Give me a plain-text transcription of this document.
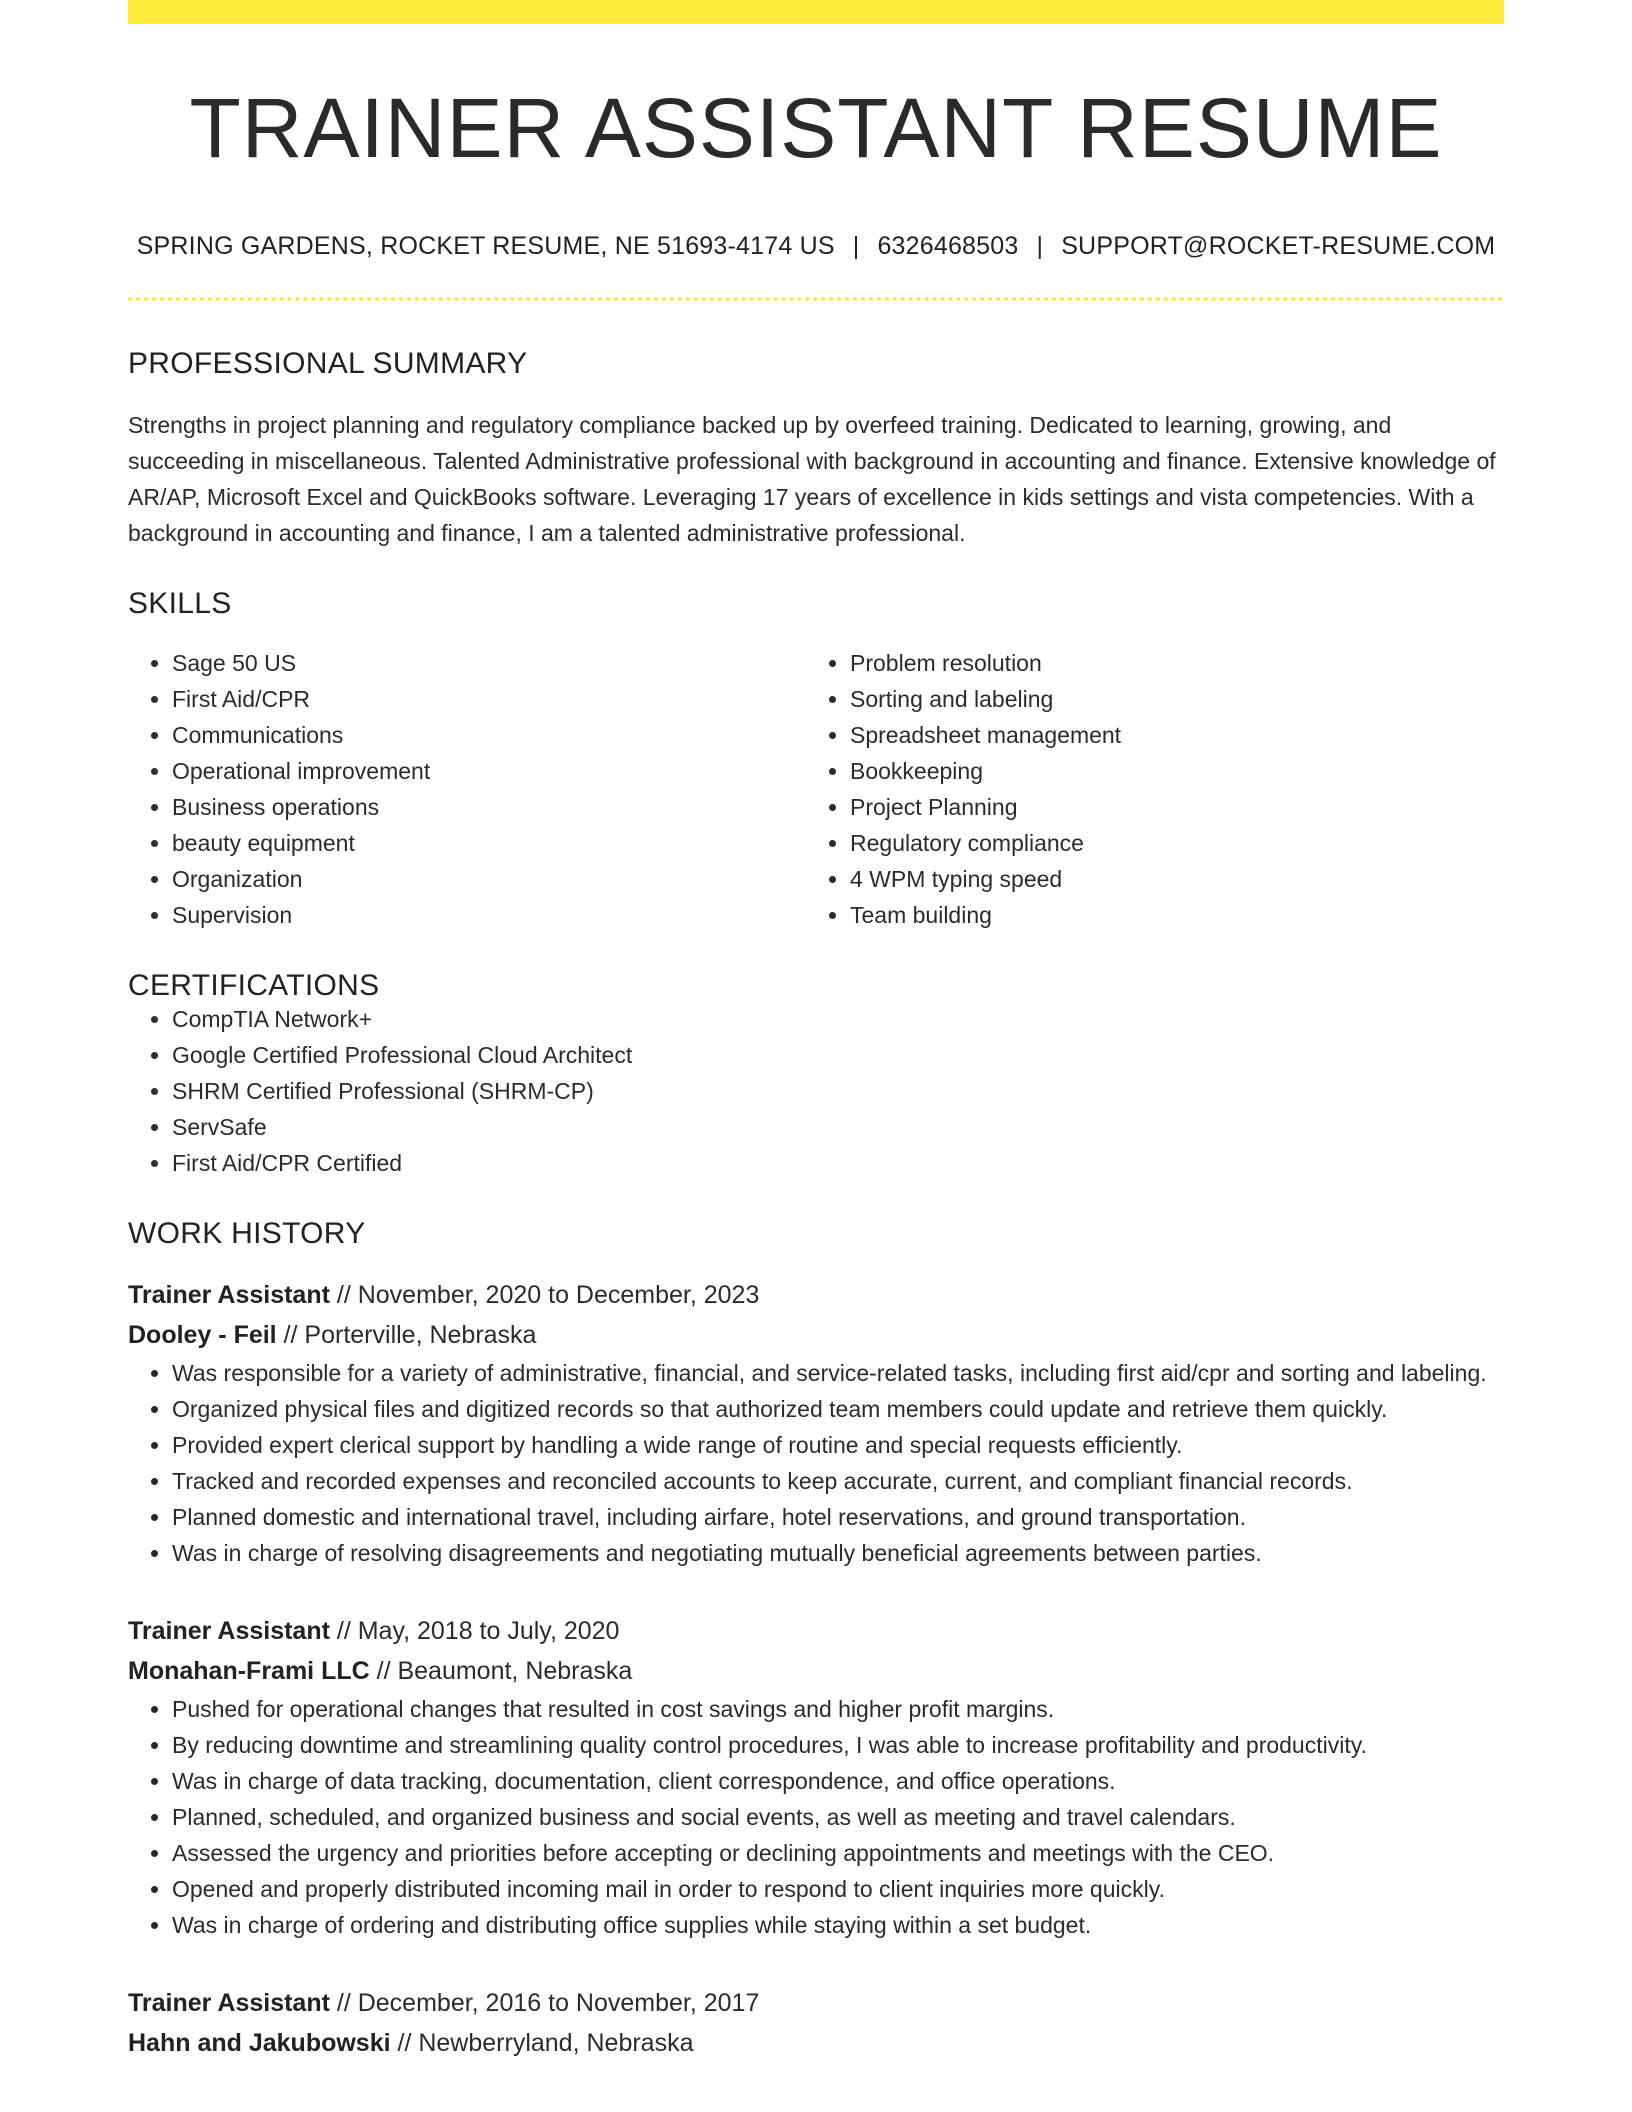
TRAINER ASSISTANT RESUME
SPRING GARDENS, ROCKET RESUME, NE 51693-4174 US | 6326468503 | SUPPORT@ROCKET-RESUME.COM
PROFESSIONAL SUMMARY

Strengths in project planning and regulatory compliance backed up by overfeed training. Dedicated to learning, growing, and succeeding in miscellaneous. Talented Administrative professional with background in accounting and finance. Extensive knowledge of AR/AP, Microsoft Excel and QuickBooks software. Leveraging 17 years of excellence in kids settings and vista competencies. With a background in accounting and finance, I am a talented administrative professional.

SKILLS
• Sage 50 US
• First Aid/CPR
• Communications
• Operational improvement
• Business operations
• beauty equipment
• Organization
• Supervision
• Problem resolution
• Sorting and labeling
• Spreadsheet management
• Bookkeeping
• Project Planning
• Regulatory compliance
• 4 WPM typing speed
• Team building
CERTIFICATIONS
• CompTIA Network+
• Google Certified Professional Cloud Architect
• SHRM Certified Professional (SHRM-CP)
• ServSafe
• First Aid/CPR Certified
WORK HISTORY
Trainer Assistant // November, 2020 to December, 2023
Dooley - Feil // Porterville, Nebraska
• Was responsible for a variety of administrative, financial, and service-related tasks, including first aid/cpr and sorting and labeling.
• Organized physical files and digitized records so that authorized team members could update and retrieve them quickly.
• Provided expert clerical support by handling a wide range of routine and special requests efficiently.
• Tracked and recorded expenses and reconciled accounts to keep accurate, current, and compliant financial records.
• Planned domestic and international travel, including airfare, hotel reservations, and ground transportation.
• Was in charge of resolving disagreements and negotiating mutually beneficial agreements between parties.
Trainer Assistant // May, 2018 to July, 2020
Monahan-Frami LLC // Beaumont, Nebraska
• Pushed for operational changes that resulted in cost savings and higher profit margins.
• By reducing downtime and streamlining quality control procedures, I was able to increase profitability and productivity.
• Was in charge of data tracking, documentation, client correspondence, and office operations.
• Planned, scheduled, and organized business and social events, as well as meeting and travel calendars.
• Assessed the urgency and priorities before accepting or declining appointments and meetings with the CEO.
• Opened and properly distributed incoming mail in order to respond to client inquiries more quickly.
• Was in charge of ordering and distributing office supplies while staying within a set budget.
Trainer Assistant // December, 2016 to November, 2017
Hahn and Jakubowski // Newberryland, Nebraska
